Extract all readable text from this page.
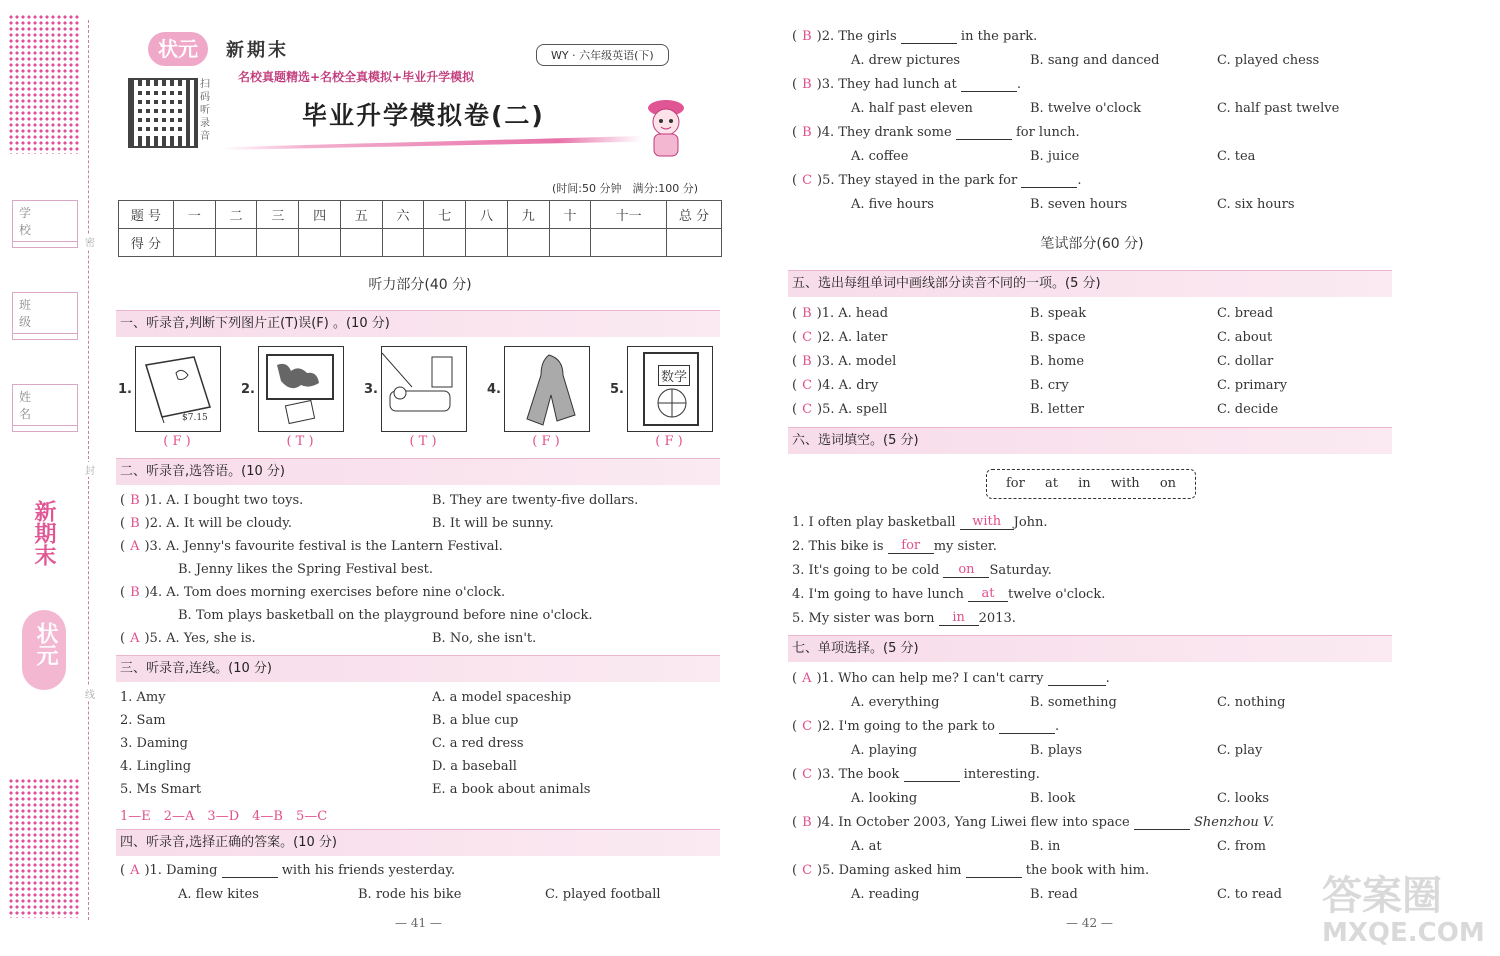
学 校
班 级
姓 名
密
封
线
新期末
状元
状元	新期末
名校真题精选+名校全真模拟+毕业升学模拟
WY · 六年级英语(下)
扫码听录音
毕业升学模拟卷(二)
(时间:50 分钟　满分:100 分)
题 号	一	二	三	四	五	六	七	八	九	十	十一	总 分
得 分												
听力部分(40 分)
一、听录音,判断下列图片正(T)误(F) 。(10 分)
1.
$7.15
( F )
2.
( T )
3.
( T )
4.
( F )
5.
数学
( F )
二、听录音,选答语。(10 分)
( B )1. A. I bought two toys.	B. They are twenty-five dollars.
( B )2. A. It will be cloudy.	B. It will be sunny.
( A )3. A. Jenny's favourite festival is the Lantern Festival.
B. Jenny likes the Spring Festival best.
( B )4. A. Tom does morning exercises before nine o'clock.
B. Tom plays basketball on the playground before nine o'clock.
( A )5. A. Yes, she is.	B. No, she isn't.
三、听录音,连线。(10 分)
1. Amy	A. a model spaceship
2. Sam	B. a blue cup
3. Daming	C. a red dress
4. Lingling	D. a baseball
5. Ms Smart	E. a book about animals
1—E　2—A　3—D　4—B　5—C
四、听录音,选择正确的答案。(10 分)
( A )1. Daming	with his friends yesterday.
A. flew kites	B. rode his bike	C. played football
( B )2. The girls	in the park.
A. drew pictures	B. sang and danced	C. played chess
( B )3. They had lunch at	.
A. half past eleven	B. twelve o'clock	C. half past twelve
( B )4. They drank some	for lunch.
A. coffee	B. juice	C. tea
( C )5. They stayed in the park for	.
A. five hours	B. seven hours	C. six hours
笔试部分(60 分)
五、选出每组单词中画线部分读音不同的一项。(5 分)
( B )1. A. head	B. speak	C. bread
( C )2. A. later	B. space	C. about
( B )3. A. model	B. home	C. dollar
( C )4. A. dry	B. cry	C. primary
( C )5. A. spell	B. letter	C. decide
六、选词填空。(5 分)
for at in with on
1. I often play basketball with John.
2. This bike is for my sister.
3. It's going to be cold on Saturday.
4. I'm going to have lunch at twelve o'clock.
5. My sister was born in 2013.
七、单项选择。(5 分)
( A )1. Who can help me? I can't carry	.
A. everything	B. something	C. nothing
( C )2. I'm going to the park to	.
A. playing	B. plays	C. play
( C )3. The book	interesting.
A. looking	B. look	C. looks
( B )4. In October 2003, Yang Liwei flew into space	Shenzhou V.
A. at	B. in	C. from
( C )5. Daming asked him	the book with him.
A. reading	B. read	C. to read
— 41 —	— 42 —
答案圈
MXQE.COM
